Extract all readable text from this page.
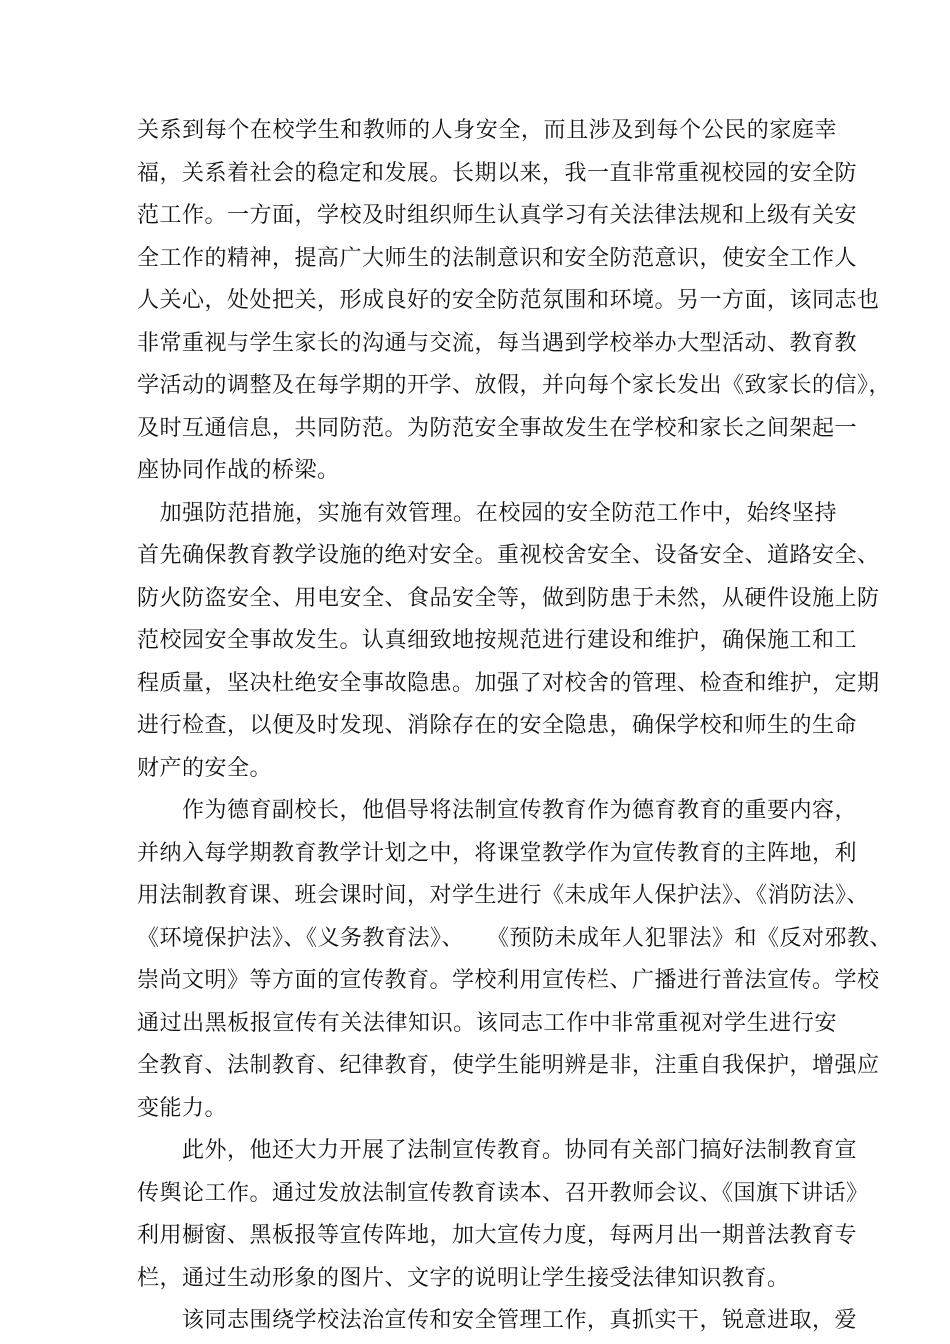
关系到每个在校学生和教师的人身安全，而且涉及到每个公民的家庭幸
福，关系着社会的稳定和发展。长期以来，我一直非常重视校园的安全防
范工作。一方面，学校及时组织师生认真学习有关法律法规和上级有关安
全工作的精神，提高广大师生的法制意识和安全防范意识，使安全工作人
人关心，处处把关，形成良好的安全防范氛围和环境。另一方面，该同志也
非常重视与学生家长的沟通与交流，每当遇到学校举办大型活动、教育教
学活动的调整及在每学期的开学、放假，并向每个家长发出《致家长的信》，
及时互通信息，共同防范。为防范安全事故发生在学校和家长之间架起一
座协同作战的桥梁。
　加强防范措施，实施有效管理。在校园的安全防范工作中，始终坚持
首先确保教育教学设施的绝对安全。重视校舍安全、设备安全、道路安全、
防火防盗安全、用电安全、食品安全等，做到防患于未然，从硬件设施上防
范校园安全事故发生。认真细致地按规范进行建设和维护，确保施工和工
程质量，坚决杜绝安全事故隐患。加强了对校舍的管理、检查和维护，定期
进行检查，以便及时发现、消除存在的安全隐患，确保学校和师生的生命
财产的安全。
　　作为德育副校长，他倡导将法制宣传教育作为德育教育的重要内容，
并纳入每学期教育教学计划之中，将课堂教学作为宣传教育的主阵地，利
用法制教育课、班会课时间，对学生进行《未成年人保护法》、《消防法》、
《环境保护法》、《义务教育法》、　　《预防未成年人犯罪法》和《反对邪教、
崇尚文明》等方面的宣传教育。学校利用宣传栏、广播进行普法宣传。学校
通过出黑板报宣传有关法律知识。该同志工作中非常重视对学生进行安
全教育、法制教育、纪律教育，使学生能明辨是非，注重自我保护，增强应
变能力。
　　此外，他还大力开展了法制宣传教育。协同有关部门搞好法制教育宣
传舆论工作。通过发放法制宣传教育读本、召开教师会议、《国旗下讲话》
利用橱窗、黑板报等宣传阵地，加大宣传力度，每两月出一期普法教育专
栏，通过生动形象的图片、文字的说明让学生接受法律知识教育。
　　该同志围绕学校法治宣传和安全管理工作，真抓实干，锐意进取，爱
